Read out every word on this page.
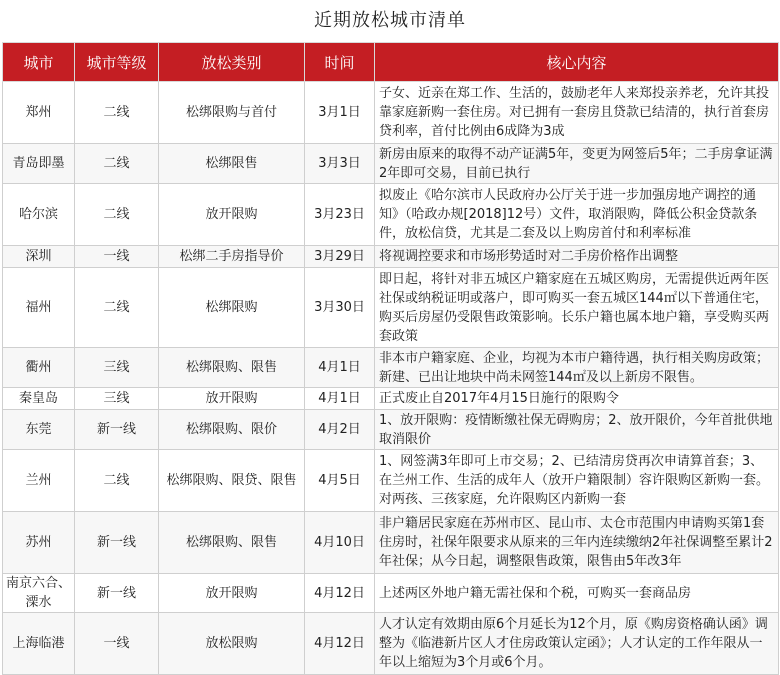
近期放松城市清单
城市	城市等级	放松类别	时间	核心内容
郑州	二线	松绑限购与首付	3月1日	子女、近亲在郑工作、生活的，鼓励老年人来郑投亲养老，允许其投靠家庭新购一套住房。对已拥有一套房且贷款已结清的，执行首套房贷利率，首付比例由6成降为3成
青岛即墨	二线	松绑限售	3月3日	新房由原来的取得不动产证满5年，变更为网签后5年；二手房拿证满2年即可交易，目前已执行
哈尔滨	二线	放开限购	3月23日	拟废止《哈尔滨市人民政府办公厅关于进一步加强房地产调控的通知》（哈政办规[2018]12号）文件，取消限购，降低公积金贷款条件，放松信贷，尤其是二套及以上购房首付和利率标准
深圳	一线	松绑二手房指导价	3月29日	将视调控要求和市场形势适时对二手房价格作出调整
福州	二线	松绑限购	3月30日	即日起，将针对非五城区户籍家庭在五城区购房，无需提供近两年医社保或纳税证明或落户，即可购买一套五城区144㎡以下普通住宅，购买后房屋仍受限售政策影响。长乐户籍也属本地户籍，享受购买两套政策
衢州	三线	松绑限购、限售	4月1日	非本市户籍家庭、企业，均视为本市户籍待遇，执行相关购房政策；新建、已出让地块中尚未网签144㎡及以上新房不限售。
秦皇岛	三线	放开限购	4月1日	正式废止自2017年4月15日施行的限购令
东莞	新一线	松绑限购、限价	4月2日	1、放开限购：疫情断缴社保无碍购房；2、放开限价，今年首批供地取消限价
兰州	二线	松绑限购、限贷、限售	4月5日	1、网签满3年即可上市交易；2、已结清房贷再次申请算首套；3、在兰州工作、生活的成年人（放开户籍限制）容许限购区新购一套。对两孩、三孩家庭，允许限购区内新购一套
苏州	新一线	松绑限购、限售	4月10日	非户籍居民家庭在苏州市区、昆山市、太仓市范围内申请购买第1套住房时，社保年限要求从原来的三年内连续缴纳2年社保调整至累计2年社保；从今日起，调整限售政策，限售由5年改3年
南京六合、溧水	新一线	放开限购	4月12日	上述两区外地户籍无需社保和个税，可购买一套商品房
上海临港	一线	放松限购	4月12日	人才认定有效期由原6个月延长为12个月，原《购房资格确认函》调整为《临港新片区人才住房政策认定函》；人才认定的工作年限从一年以上缩短为3个月或6个月。
